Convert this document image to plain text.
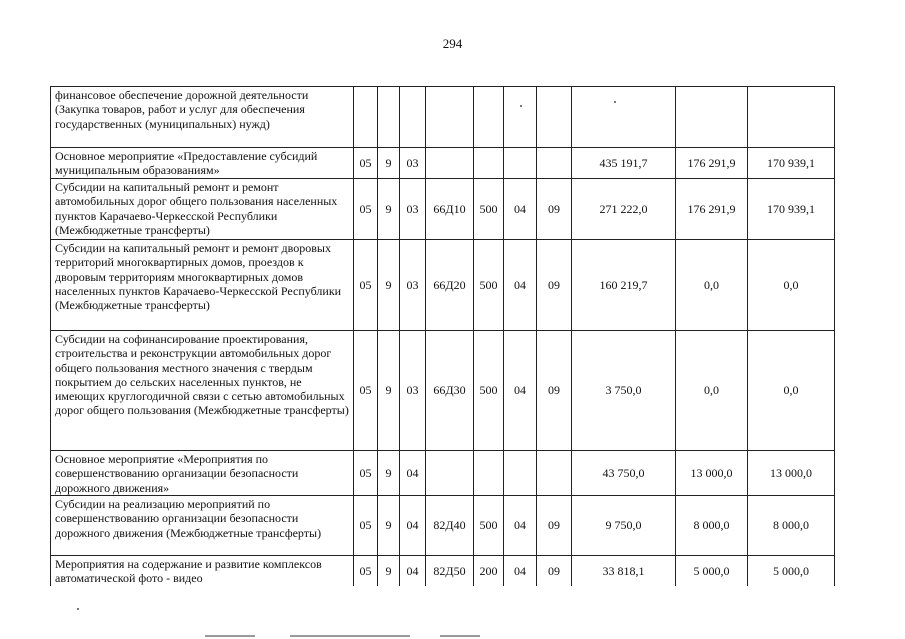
294
финансовое обеспечение дорожной деятельности (Закупка товаров, работ и услуг для обеспечения государственных (муниципальных) нужд)										
Основное мероприятие «Предоставление субсидий муниципальным образованиям»	05	9	03					435 191,7	176 291,9	170 939,1
Субсидии на капитальный ремонт и ремонт автомобильных дорог общего пользования населенных пунктов Карачаево-Черкесской Республики (Межбюджетные трансферты)	05	9	03	66Д10	500	04	09	271 222,0	176 291,9	170 939,1
Субсидии на капитальный ремонт и ремонт дворовых территорий многоквартирных домов, проездов к дворовым территориям многоквартирных домов населенных пунктов Карачаево-Черкесской Республики (Межбюджетные трансферты)	05	9	03	66Д20	500	04	09	160 219,7	0,0	0,0
Субсидии на софинансирование проектирования, строительства и реконструкции автомобильных дорог общего пользования местного значения с твердым покрытием до сельских населенных пунктов, не имеющих круглогодичной связи с сетью автомобильных дорог общего пользования (Межбюджетные трансферты)	05	9	03	66Д30	500	04	09	3 750,0	0,0	0,0
Основное мероприятие «Мероприятия по совершенствованию организации безопасности дорожного движения»	05	9	04					43 750,0	13 000,0	13 000,0
Субсидии на реализацию мероприятий по совершенствованию организации безопасности дорожного движения (Межбюджетные трансферты)	05	9	04	82Д40	500	04	09	9 750,0	8 000,0	8 000,0
Мероприятия на содержание и развитие комплексов автоматической фото - видео	05	9	04	82Д50	200	04	09	33 818,1	5 000,0	5 000,0
